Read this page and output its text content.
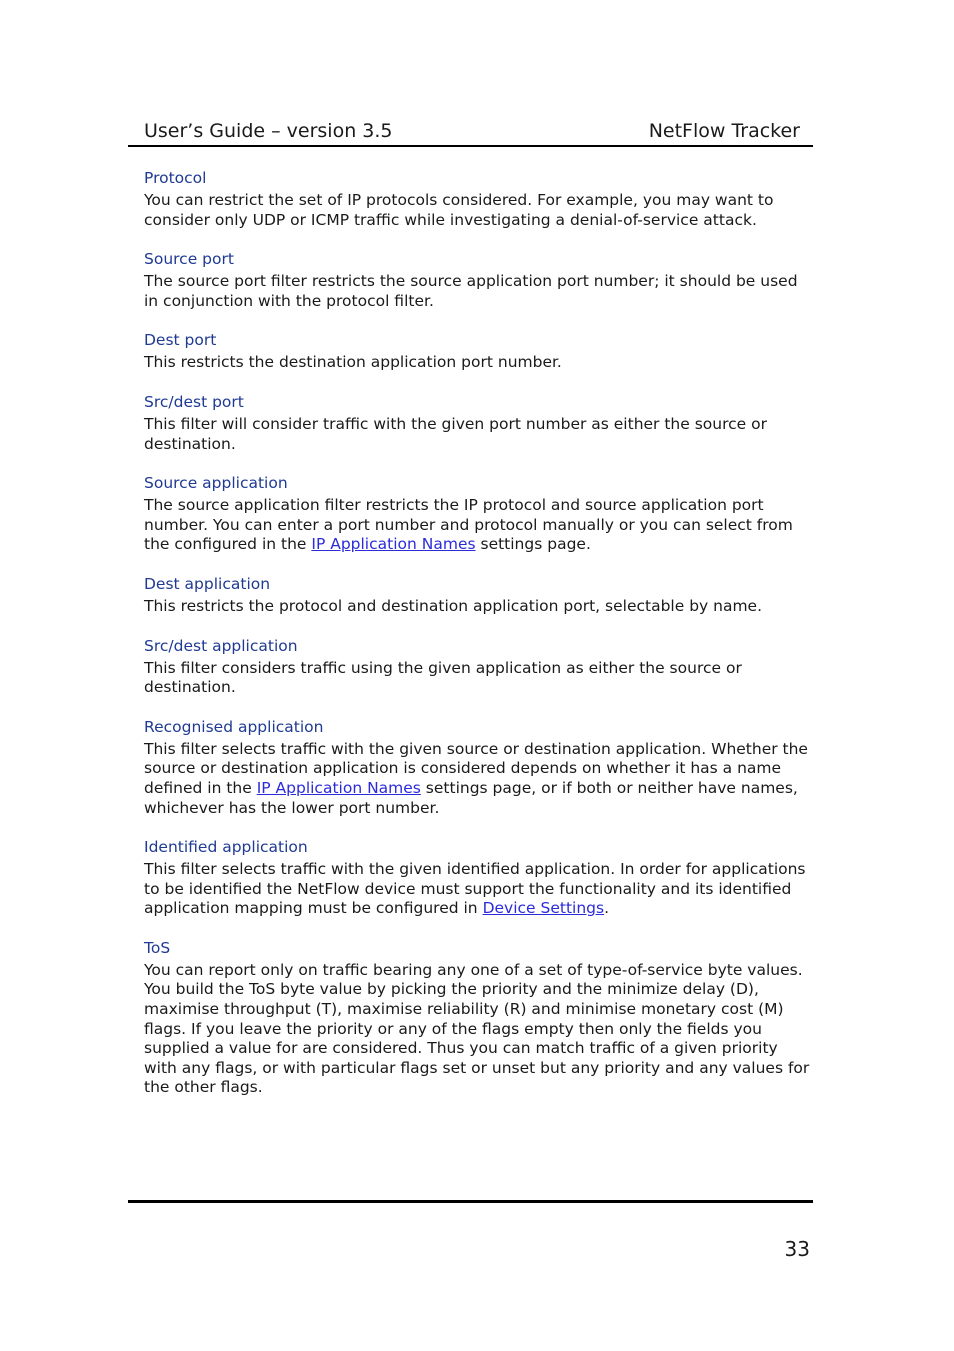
User’s Guide – version 3.5	NetFlow Tracker
Protocol

You can restrict the set of IP protocols considered. For example, you may want to consider only UDP or ICMP traffic while investigating a denial-of-service attack.

Source port

The source port filter restricts the source application port number; it should be used in conjunction with the protocol filter.

Dest port

This restricts the destination application port number.

Src/dest port

This filter will consider traffic with the given port number as either the source or destination.

Source application

The source application filter restricts the IP protocol and source application port number. You can enter a port number and protocol manually or you can select from the configured in the IP Application Names settings page.

Dest application

This restricts the protocol and destination application port, selectable by name.

Src/dest application

This filter considers traffic using the given application as either the source or destination.

Recognised application

This filter selects traffic with the given source or destination application. Whether the source or destination application is considered depends on whether it has a name defined in the IP Application Names settings page, or if both or neither have names, whichever has the lower port number.

Identified application

This filter selects traffic with the given identified application. In order for applications to be identified the NetFlow device must support the functionality and its identified application mapping must be configured in Device Settings.

ToS

You can report only on traffic bearing any one of a set of type-of-service byte values. You build the ToS byte value by picking the priority and the minimize delay (D), maximise throughput (T), maximise reliability (R) and minimise monetary cost (M) flags. If you leave the priority or any of the flags empty then only the fields you supplied a value for are considered. Thus you can match traffic of a given priority with any flags, or with particular flags set or unset but any priority and any values for the other flags.

33
